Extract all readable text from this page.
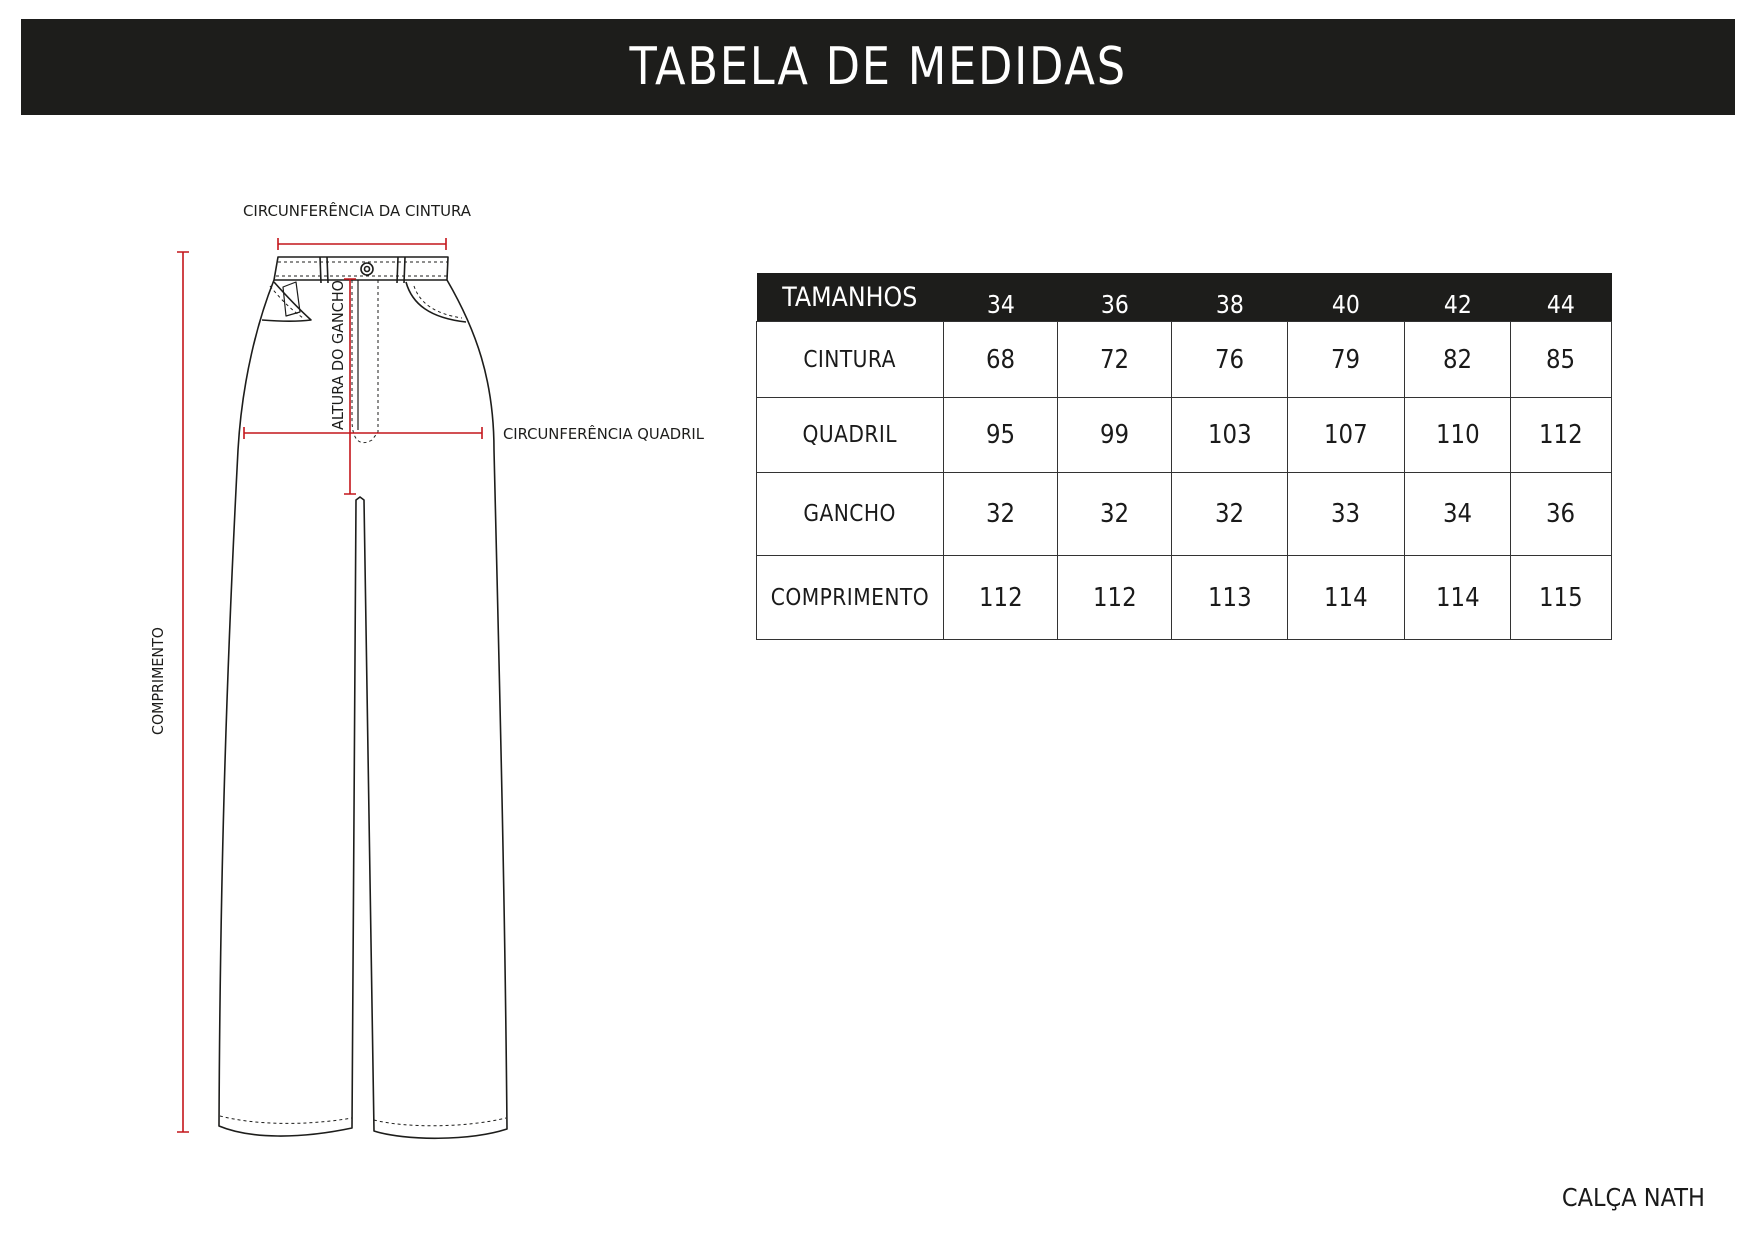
TABELA DE MEDIDAS
CIRCUNFERÊNCIA DA CINTURA
CIRCUNFERÊNCIA QUADRIL
ALTURA DO GANCHO
COMPRIMENTO
TAMANHOS	34	36	38	40	42	44
CINTURA	68	72	76	79	82	85
QUADRIL	95	99	103	107	110	112
GANCHO	32	32	32	33	34	36
COMPRIMENTO	112	112	113	114	114	115
CALÇA NATH
